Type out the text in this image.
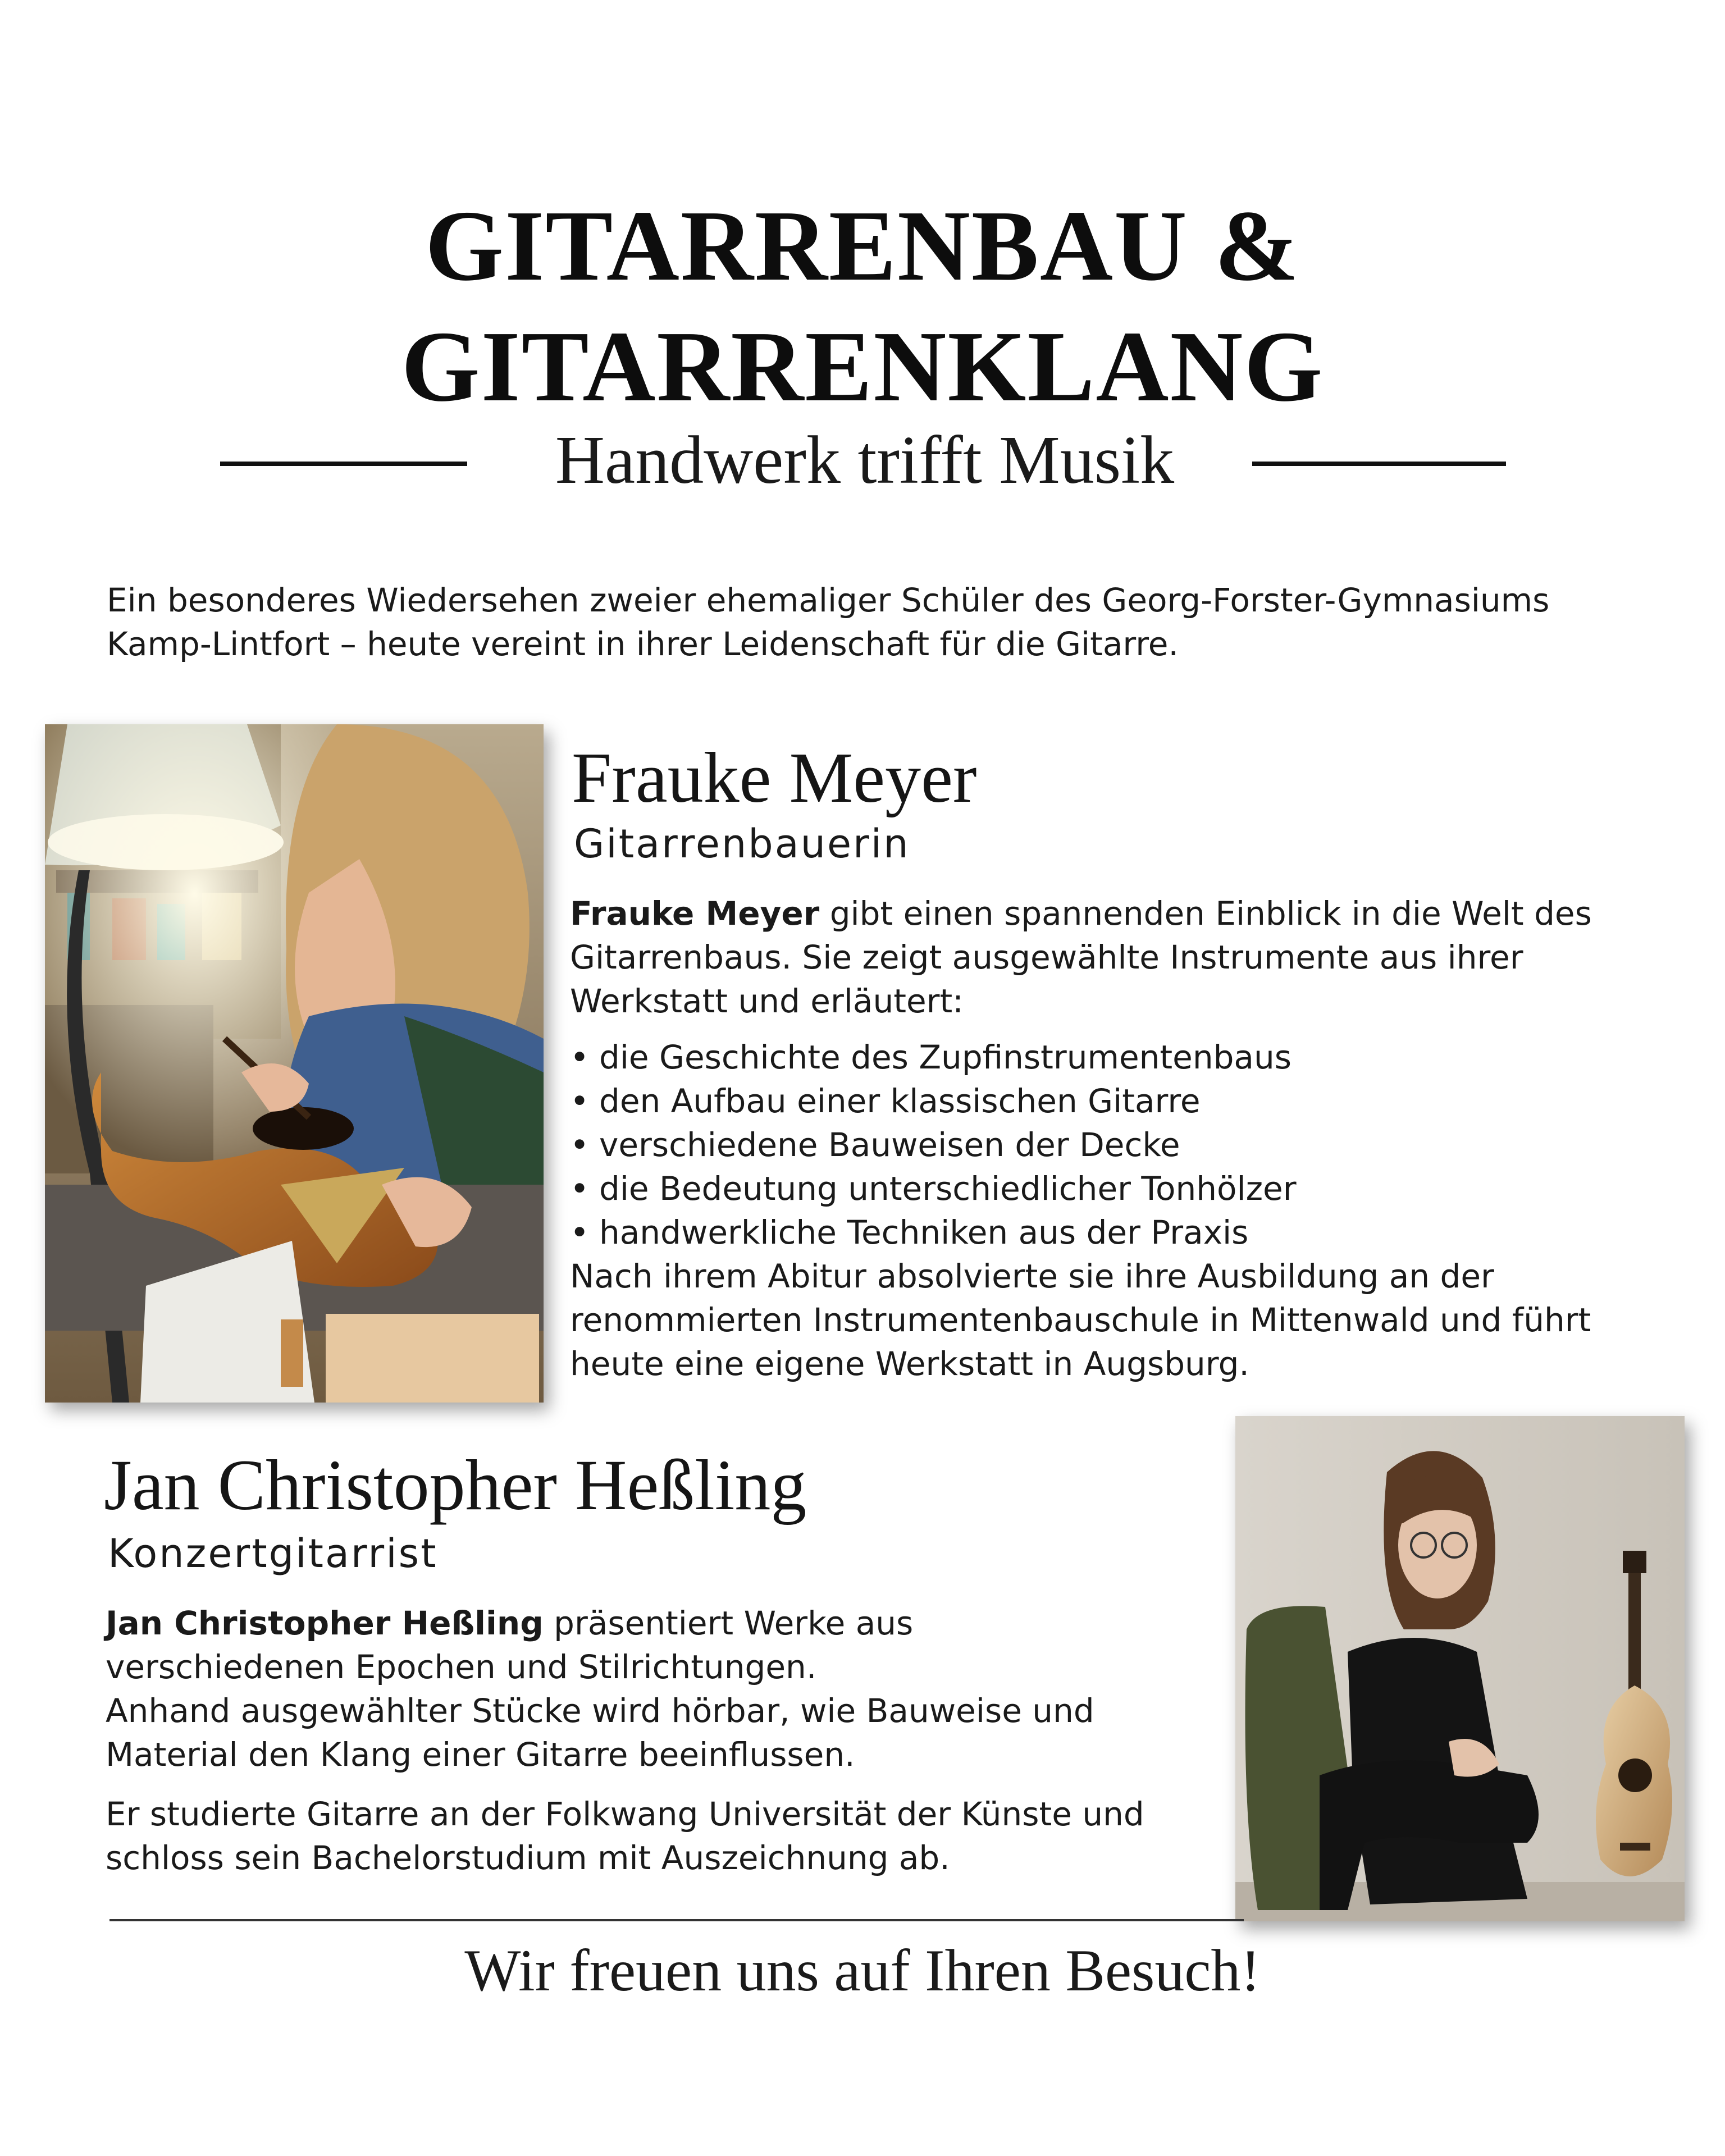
GITARRENBAU &
GITARRENKLANG
Handwerk trifft Musik
Ein besonderes Wiedersehen zweier ehemaliger Schüler des Georg-Forster-Gymnasiums
Kamp-Lintfort – heute vereint in ihrer Leidenschaft für die Gitarre.
Frauke Meyer
Gitarrenbauerin

Frauke Meyer gibt einen spannenden Einblick in die Welt des Gitarrenbaus. Sie zeigt ausgewählte Instrumente aus ihrer Werkstatt und erläutert:

• die Geschichte des Zupfinstrumentenbaus
• den Aufbau einer klassischen Gitarre
• verschiedene Bauweisen der Decke
• die Bedeutung unterschiedlicher Tonhölzer
• handwerkliche Techniken aus der Praxis

Nach ihrem Abitur absolvierte sie ihre Ausbildung an der renommierten Instrumentenbauschule in Mittenwald und führt heute eine eigene Werkstatt in Augsburg.

Jan Christopher Heßling
Konzertgitarrist

Jan Christopher Heßling präsentiert Werke aus verschiedenen Epochen und Stilrichtungen.

Anhand ausgewählter Stücke wird hörbar, wie Bauweise und Material den Klang einer Gitarre beeinflussen.

Er studierte Gitarre an der Folkwang Universität der Künste und schloss sein Bachelorstudium mit Auszeichnung ab.

Wir freuen uns auf Ihren Besuch!
